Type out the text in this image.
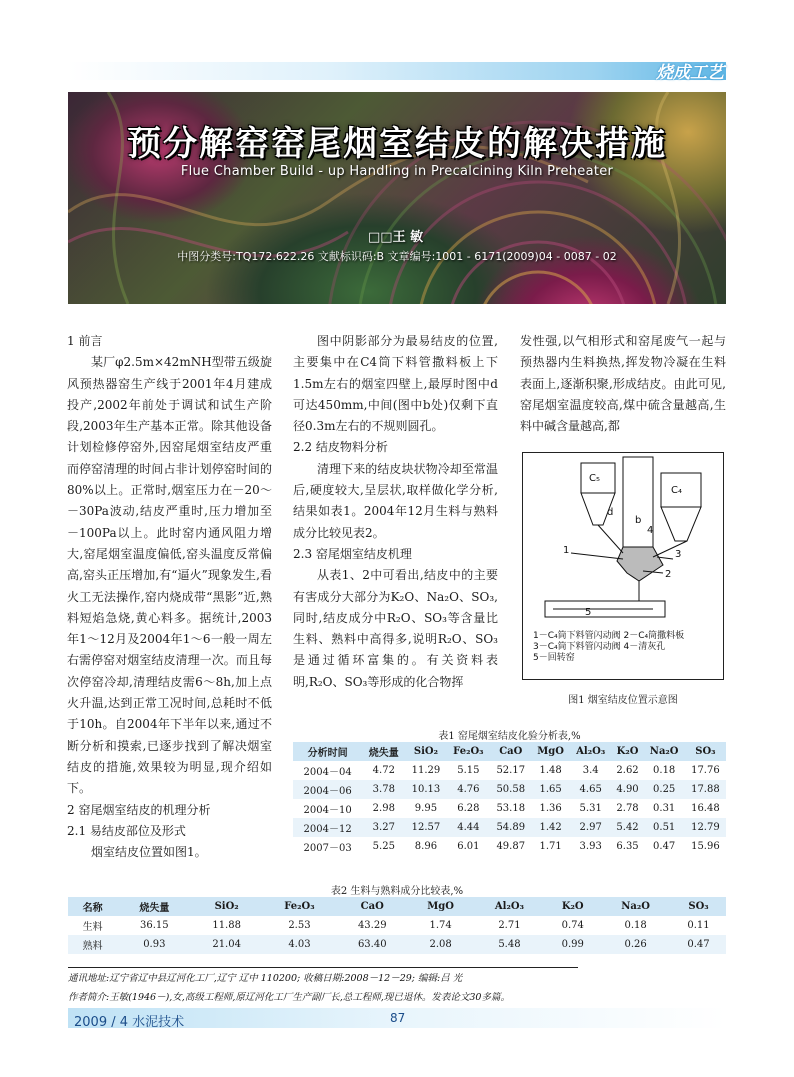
烧成工艺
预分解窑窑尾烟室结皮的解决措施
Flue Chamber Build - up Handling in Precalcining Kiln Preheater
□□王 敏
中图分类号:TQ172.622.26 文献标识码:B 文章编号:1001 - 6171(2009)04 - 0087 - 02

1 前言

某厂φ2.5m×42mNH型带五级旋风预热器窑生产线于2001年4月建成投产,2002年前处于调试和试生产阶段,2003年生产基本正常。除其他设备计划检修停窑外,因窑尾烟室结皮严重而停窑清理的时间占非计划停窑时间的80%以上。正常时,烟室压力在－20～－30Pa波动,结皮严重时,压力增加至－100Pa以上。此时窑内通风阻力增大,窑尾烟室温度偏低,窑头温度反常偏高,窑头正压增加,有“逼火”现象发生,看火工无法操作,窑内烧成带“黑影”近,熟料短焰急烧,黄心料多。据统计,2003年1～12月及2004年1～6一般一周左右需停窑对烟室结皮清理一次。而且每次停窑冷却,清理结皮需6～8h,加上点火升温,达到正常工况时间,总耗时不低于10h。自2004年下半年以来,通过不断分析和摸索,已逐步找到了解决烟室结皮的措施,效果较为明显,现介绍如下。

2 窑尾烟室结皮的机理分析

2.1 易结皮部位及形式

烟室结皮位置如图1。

图中阴影部分为最易结皮的位置,主要集中在C4筒下料管撒料板上下1.5m左右的烟室四壁上,最厚时图中d可达450mm,中间(图中b处)仅剩下直径0.3m左右的不规则圆孔。

2.2 结皮物料分析

清理下来的结皮块状物冷却至常温后,硬度较大,呈层状,取样做化学分析,结果如表1。2004年12月生料与熟料成分比较见表2。

2.3 窑尾烟室结皮机理

从表1、2中可看出,结皮中的主要有害成分大部分为K₂O、Na₂O、SO₃,同时,结皮成分中R₂O、SO₃等含量比生料、熟料中高得多,说明R₂O、SO₃是通过循环富集的。有关资料表明,R₂O、SO₃等形成的化合物挥

发性强,以气相形式和窑尾废气一起与预热器内生料换热,挥发物冷凝在生料表面上,逐渐积聚,形成结皮。由此可见,窑尾烟室温度较高,煤中硫含量越高,生料中碱含量越高,都

C₅
C₄
d
b
1
2
3
4
5
1－C₄筒下料管闪动阀 2－C₄筒撒料板
3－C₄筒下料管闪动阀 4－清灰孔
5－回转窑
图1 烟室结皮位置示意图
表1 窑尾烟室结皮化验分析表,%
分析时间	烧失量	SiO₂	Fe₂O₃	CaO	MgO	Al₂O₃	K₂O	Na₂O	SO₃
2004－04	4.72	11.29	5.15	52.17	1.48	3.4	2.62	0.18	17.76
2004－06	3.78	10.13	4.76	50.58	1.65	4.65	4.90	0.25	17.88
2004－10	2.98	9.95	6.28	53.18	1.36	5.31	2.78	0.31	16.48
2004－12	3.27	12.57	4.44	54.89	1.42	2.97	5.42	0.51	12.79
2007－03	5.25	8.96	6.01	49.87	1.71	3.93	6.35	0.47	15.96
表2 生料与熟料成分比较表,%
名称	烧失量	SiO₂	Fe₂O₃	CaO	MgO	Al₂O₃	K₂O	Na₂O	SO₃
生料	36.15	11.88	2.53	43.29	1.74	2.71	0.74	0.18	0.11
熟料	0.93	21.04	4.03	63.40	2.08	5.48	0.99	0.26	0.47
通讯地址:辽宁省辽中县辽河化工厂,辽宁 辽中 110200; 收稿日期:2008－12－29; 编辑:吕 光
作者简介:王敏(1946－),女,高级工程师,原辽河化工厂生产副厂长,总工程师,现已退休。发表论文30多篇。
2009 / 4 水泥技术	87
